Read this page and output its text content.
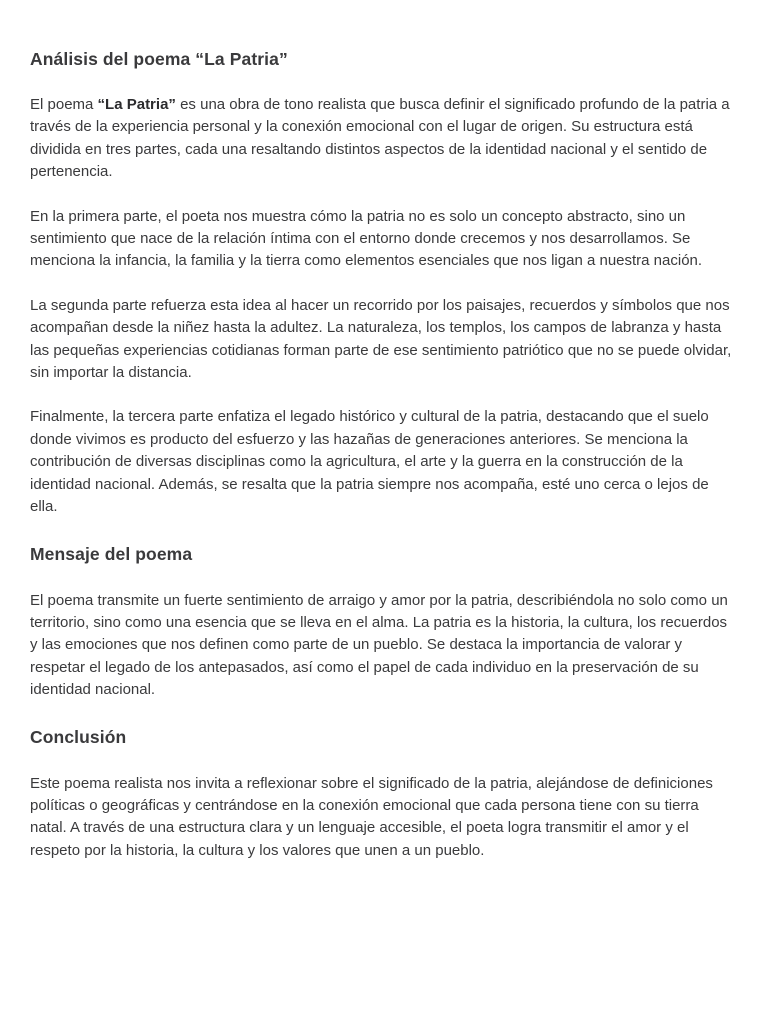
Análisis del poema “La Patria”

El poema “La Patria” es una obra de tono realista que busca definir el significado profundo de la patria a través de la experiencia personal y la conexión emocional con el lugar de origen. Su estructura está dividida en tres partes, cada una resaltando distintos aspectos de la identidad nacional y el sentido de pertenencia.

En la primera parte, el poeta nos muestra cómo la patria no es solo un concepto abstracto, sino un sentimiento que nace de la relación íntima con el entorno donde crecemos y nos desarrollamos. Se menciona la infancia, la familia y la tierra como elementos esenciales que nos ligan a nuestra nación.

La segunda parte refuerza esta idea al hacer un recorrido por los paisajes, recuerdos y símbolos que nos acompañan desde la niñez hasta la adultez. La naturaleza, los templos, los campos de labranza y hasta las pequeñas experiencias cotidianas forman parte de ese sentimiento patriótico que no se puede olvidar, sin importar la distancia.

Finalmente, la tercera parte enfatiza el legado histórico y cultural de la patria, destacando que el suelo donde vivimos es producto del esfuerzo y las hazañas de generaciones anteriores. Se menciona la contribución de diversas disciplinas como la agricultura, el arte y la guerra en la construcción de la identidad nacional. Además, se resalta que la patria siempre nos acompaña, esté uno cerca o lejos de ella.

Mensaje del poema

El poema transmite un fuerte sentimiento de arraigo y amor por la patria, describiéndola no solo como un territorio, sino como una esencia que se lleva en el alma. La patria es la historia, la cultura, los recuerdos y las emociones que nos definen como parte de un pueblo. Se destaca la importancia de valorar y respetar el legado de los antepasados, así como el papel de cada individuo en la preservación de su identidad nacional.

Conclusión

Este poema realista nos invita a reflexionar sobre el significado de la patria, alejándose de definiciones políticas o geográficas y centrándose en la conexión emocional que cada persona tiene con su tierra natal. A través de una estructura clara y un lenguaje accesible, el poeta logra transmitir el amor y el respeto por la historia, la cultura y los valores que unen a un pueblo.
